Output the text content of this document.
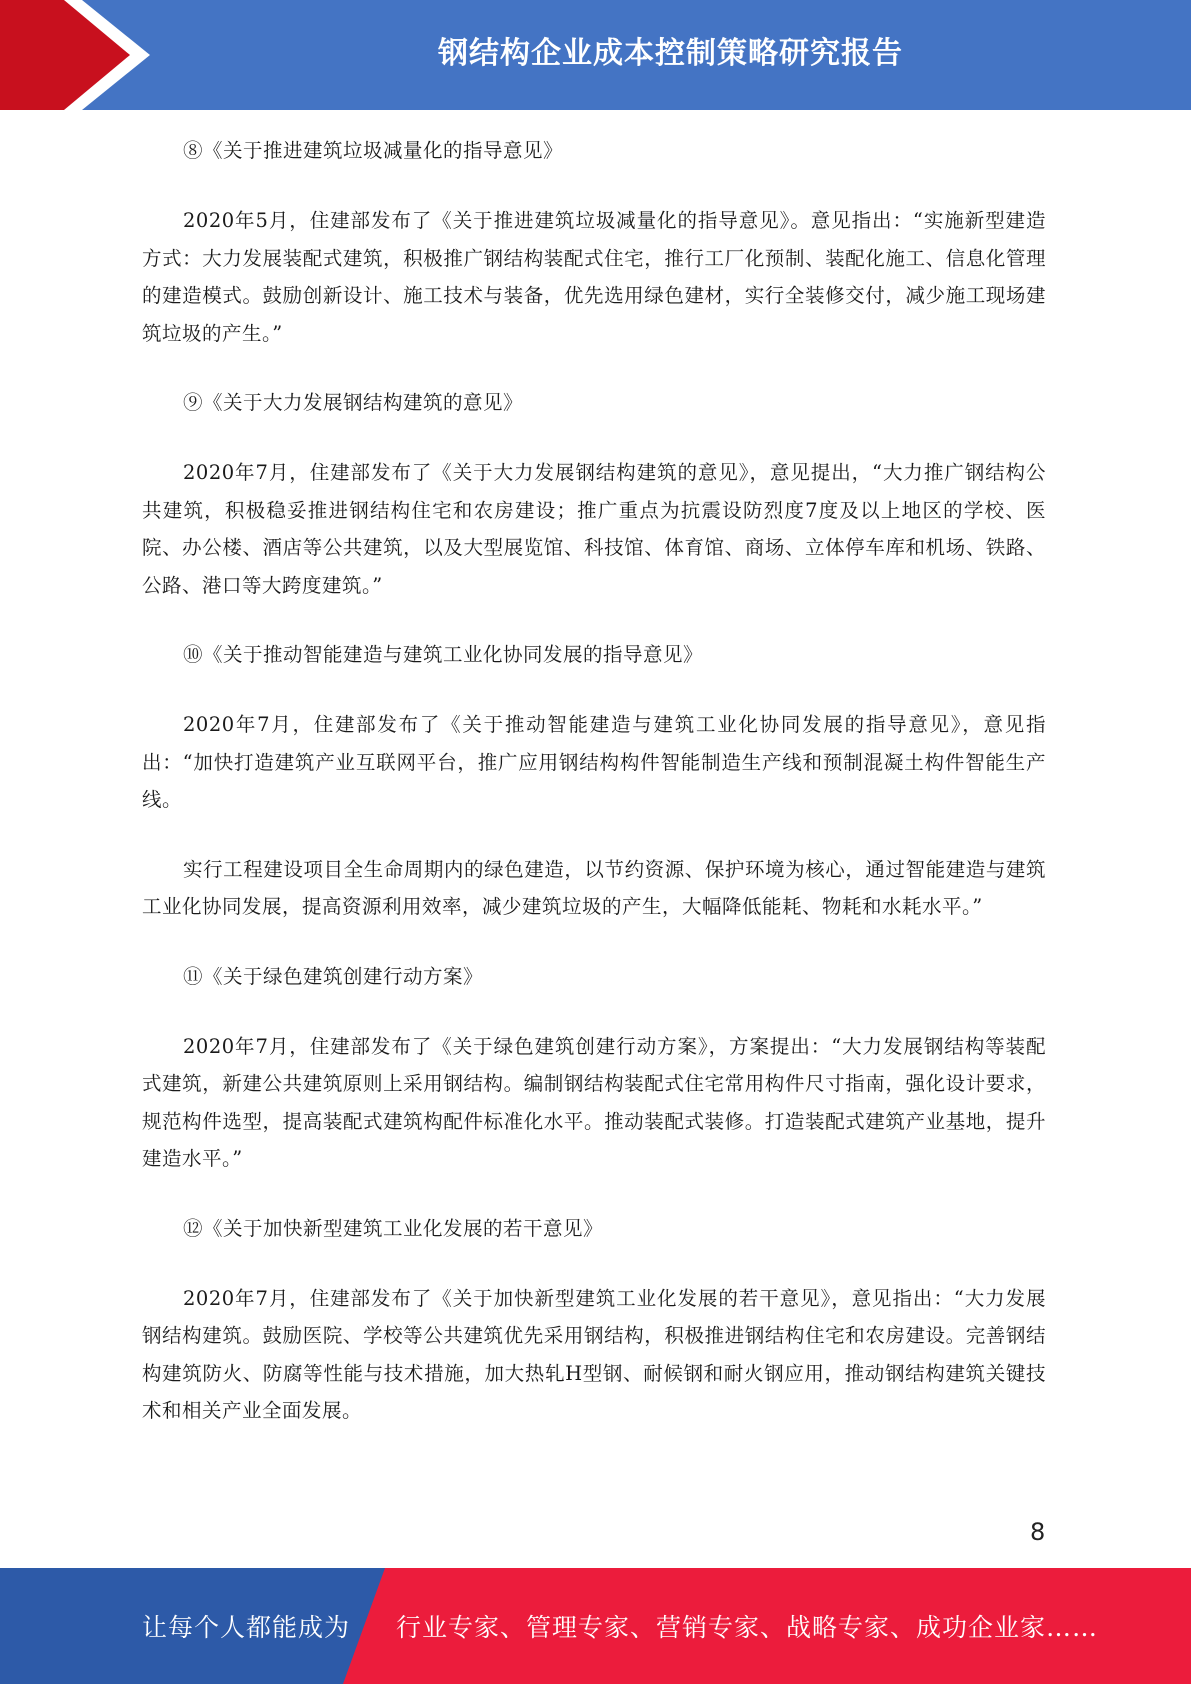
钢结构企业成本控制策略研究报告

⑧《关于推进建筑垃圾减量化的指导意见》

2020年5月，住建部发布了《关于推进建筑垃圾减量化的指导意见》。意见指出：“实施新型建造方式：大力发展装配式建筑，积极推广钢结构装配式住宅，推行工厂化预制、装配化施工、信息化管理的建造模式。鼓励创新设计、施工技术与装备，优先选用绿色建材，实行全装修交付，减少施工现场建筑垃圾的产生。”

⑨《关于大力发展钢结构建筑的意见》

2020年7月，住建部发布了《关于大力发展钢结构建筑的意见》，意见提出，“大力推广钢结构公共建筑，积极稳妥推进钢结构住宅和农房建设；推广重点为抗震设防烈度7度及以上地区的学校、医院、办公楼、酒店等公共建筑，以及大型展览馆、科技馆、体育馆、商场、立体停车库和机场、铁路、公路、港口等大跨度建筑。”

⑩《关于推动智能建造与建筑工业化协同发展的指导意见》

2020年7月，住建部发布了《关于推动智能建造与建筑工业化协同发展的指导意见》，意见指出：“加快打造建筑产业互联网平台，推广应用钢结构构件智能制造生产线和预制混凝土构件智能生产线。

实行工程建设项目全生命周期内的绿色建造，以节约资源、保护环境为核心，通过智能建造与建筑工业化协同发展，提高资源利用效率，减少建筑垃圾的产生，大幅降低能耗、物耗和水耗水平。”

⑪《关于绿色建筑创建行动方案》

2020年7月，住建部发布了《关于绿色建筑创建行动方案》，方案提出：“大力发展钢结构等装配式建筑，新建公共建筑原则上采用钢结构。编制钢结构装配式住宅常用构件尺寸指南，强化设计要求，规范构件选型，提高装配式建筑构配件标准化水平。推动装配式装修。打造装配式建筑产业基地，提升建造水平。”

⑫《关于加快新型建筑工业化发展的若干意见》

2020年7月，住建部发布了《关于加快新型建筑工业化发展的若干意见》，意见指出：“大力发展钢结构建筑。鼓励医院、学校等公共建筑优先采用钢结构，积极推进钢结构住宅和农房建设。完善钢结构建筑防火、防腐等性能与技术措施，加大热轧H型钢、耐候钢和耐火钢应用，推动钢结构建筑关键技术和相关产业全面发展。

8
让每个人都能成为 行业专家、管理专家、营销专家、战略专家、成功企业家……
